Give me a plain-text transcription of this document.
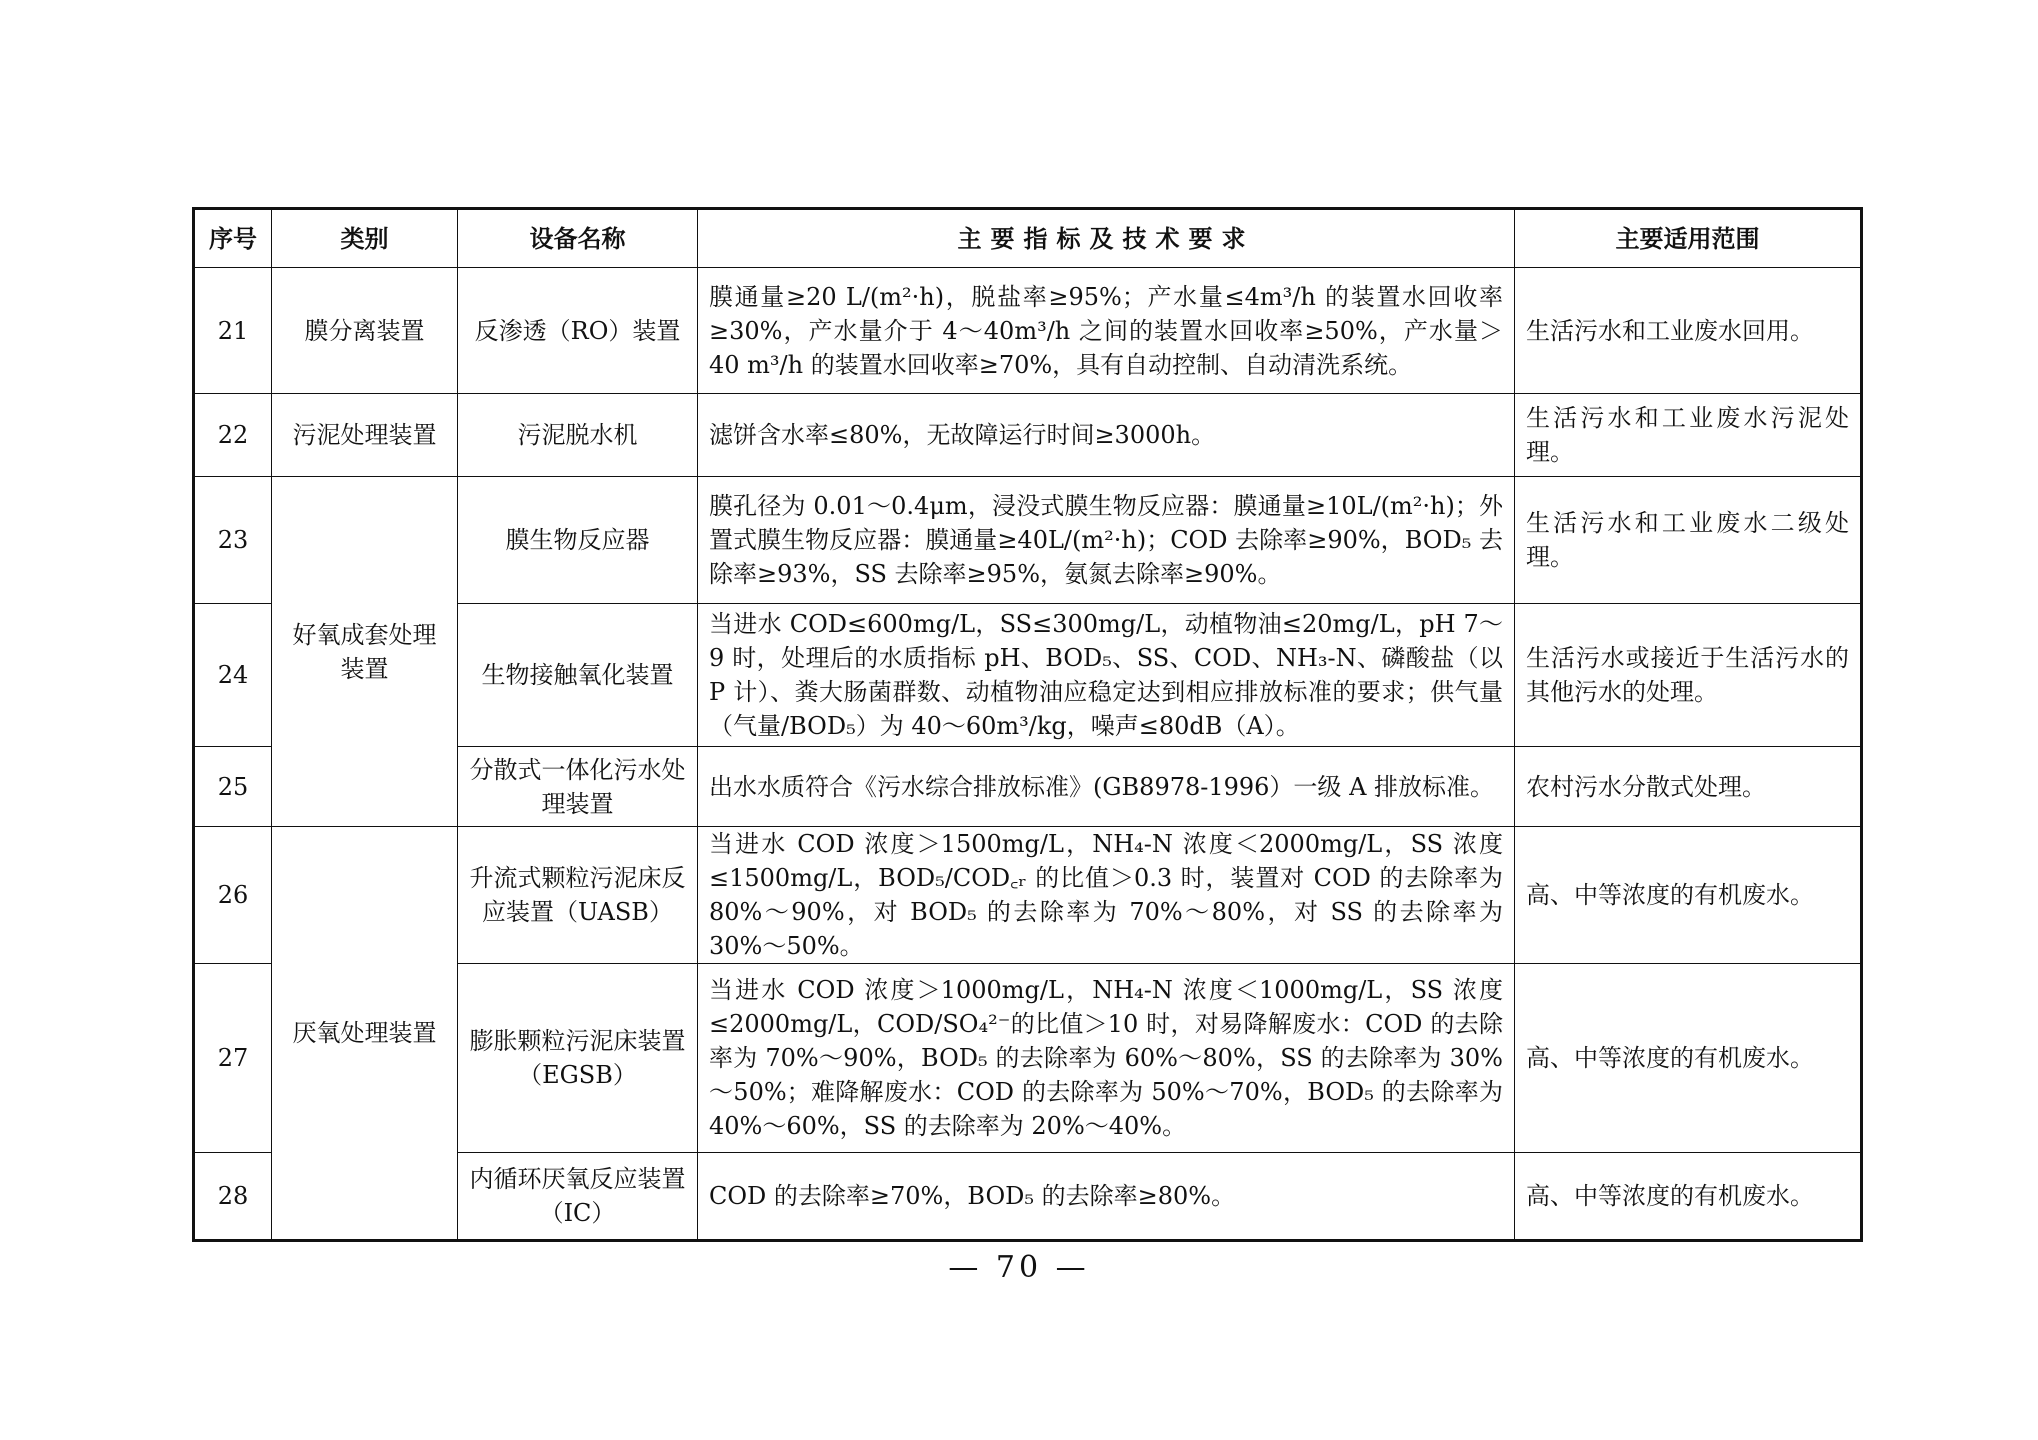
序号	类别	设备名称	主要指标及技术要求	主要适用范围
21	膜分离装置	反渗透（RO）装置	膜通量≥20 L/(m²·h)，脱盐率≥95%；产水量≤4m³/h 的装置水回收率≥30%，产水量介于 4～40m³/h 之间的装置水回收率≥50%，产水量＞40 m³/h 的装置水回收率≥70%，具有自动控制、自动清洗系统。	生活污水和工业废水回用。
22	污泥处理装置	污泥脱水机	滤饼含水率≤80%，无故障运行时间≥3000h。	生活污水和工业废水污泥处理。
23	好氧成套处理装置	膜生物反应器	膜孔径为 0.01～0.4μm，浸没式膜生物反应器：膜通量≥10L/(m²·h)；外置式膜生物反应器：膜通量≥40L/(m²·h)；COD 去除率≥90%，BOD₅ 去除率≥93%，SS 去除率≥95%，氨氮去除率≥90%。	生活污水和工业废水二级处理。
24		生物接触氧化装置	当进水 COD≤600mg/L，SS≤300mg/L，动植物油≤20mg/L，pH 7～9 时，处理后的水质指标 pH、BOD₅、SS、COD、NH₃-N、磷酸盐（以 P 计）、粪大肠菌群数、动植物油应稳定达到相应排放标准的要求；供气量（气量/BOD₅）为 40～60m³/kg，噪声≤80dB（A）。	生活污水或接近于生活污水的其他污水的处理。
25		分散式一体化污水处理装置	出水水质符合《污水综合排放标准》(GB8978-1996）一级 A 排放标准。	农村污水分散式处理。
26	厌氧处理装置	升流式颗粒污泥床反应装置（UASB）	当进水 COD 浓度＞1500mg/L，NH₄-N 浓度＜2000mg/L，SS 浓度≤1500mg/L，BOD₅/COD꜀ᵣ 的比值＞0.3 时，装置对 COD 的去除率为 80%～90%，对 BOD₅ 的去除率为 70%～80%，对 SS 的去除率为 30%～50%。	高、中等浓度的有机废水。
27		膨胀颗粒污泥床装置（EGSB）	当进水 COD 浓度＞1000mg/L，NH₄-N 浓度＜1000mg/L，SS 浓度≤2000mg/L，COD/SO₄²⁻的比值＞10 时，对易降解废水：COD 的去除率为 70%～90%，BOD₅ 的去除率为 60%～80%，SS 的去除率为 30%～50%；难降解废水：COD 的去除率为 50%～70%，BOD₅ 的去除率为 40%～60%，SS 的去除率为 20%～40%。	高、中等浓度的有机废水。
28		内循环厌氧反应装置（IC）	COD 的去除率≥70%，BOD₅ 的去除率≥80%。	高、中等浓度的有机废水。
— 70 —
